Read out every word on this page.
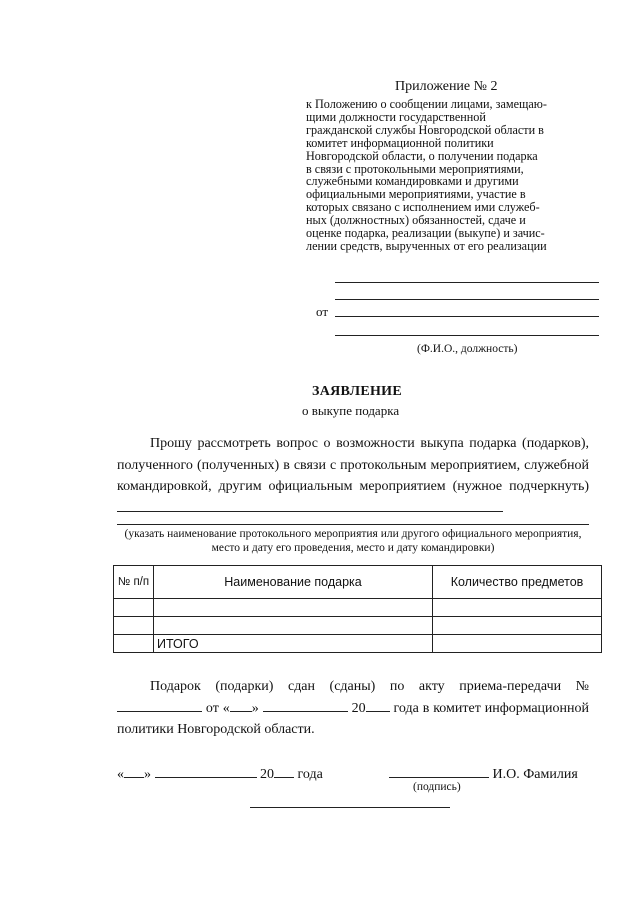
Приложение № 2
к Положению о сообщении лицами, замещаю-
щими должности государственной
гражданской службы Новгородской области в
комитет информационной политики
Новгородской области, о получении подарка
в связи с протокольными мероприятиями,
служебными командировками и другими
официальными мероприятиями, участие в
которых связано с исполнением ими служеб-
ных (должностных) обязанностей, сдаче и
оценке подарка, реализации (выкупе) и зачис-
лении средств, вырученных от его реализации
от
(Ф.И.О., должность)
ЗАЯВЛЕНИЕ
о выкупе подарка
Прошу рассмотреть вопрос о возможности выкупа подарка (подарков), полученного (полученных) в связи с протокольным мероприятием, служебной командировкой, другим официальным мероприятием (нужное подчеркнуть)
(указать наименование протокольного мероприятия или другого официального мероприятия, место и дату его проведения, место и дату командировки)
№ п/п	Наименование подарка	Количество предметов

	ИТОГО	
Подарок (подарки) сдан (сданы) по акту приема-передачи №  от « »	20 года в комитет информационной политики Новгородской области.
« »	20 года	И.О. Фамилия
(подпись)
